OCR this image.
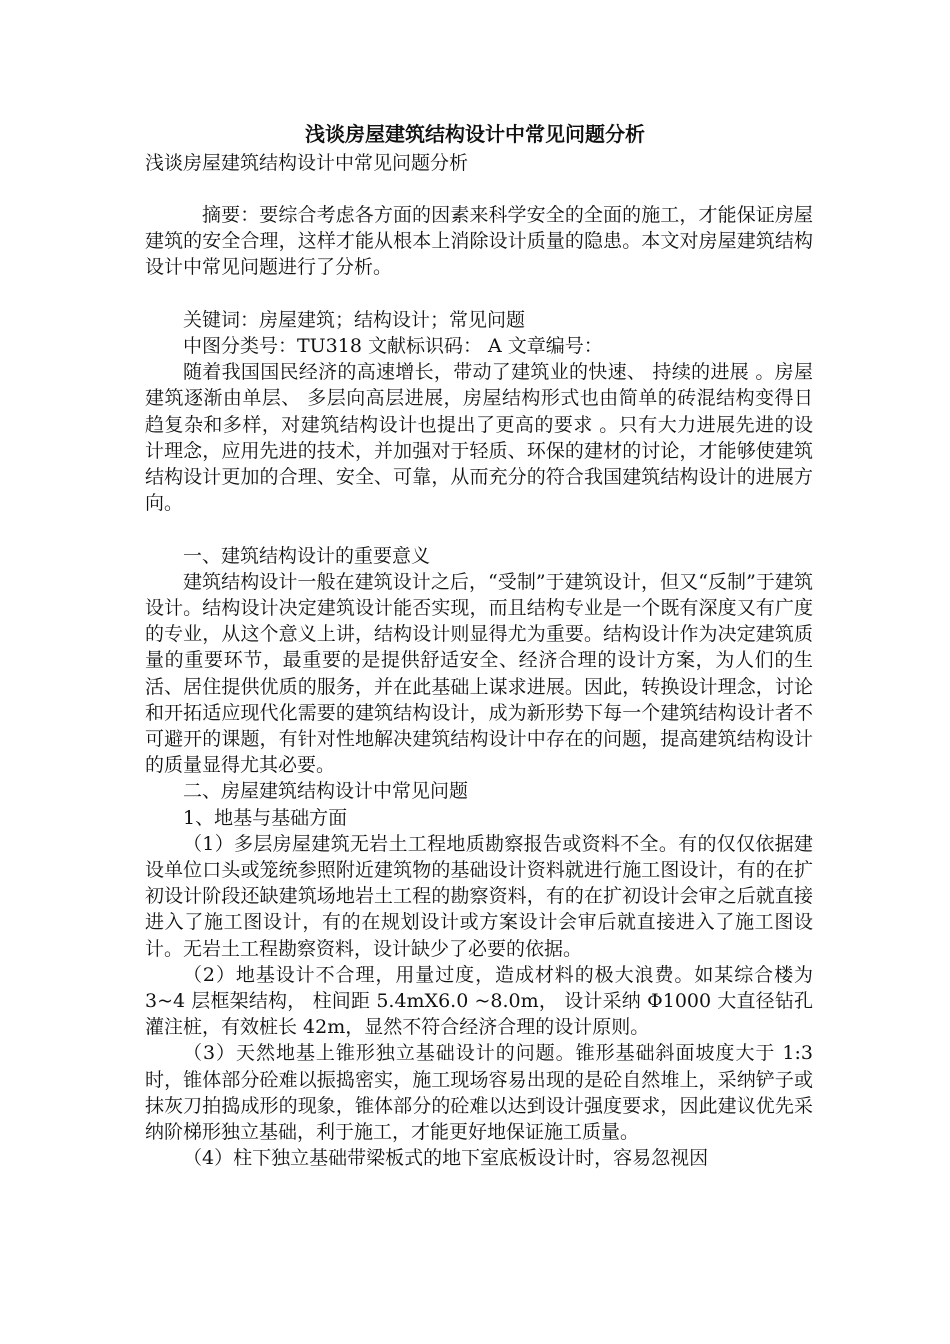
浅谈房屋建筑结构设计中常见问题分析
浅谈房屋建筑结构设计中常见问题分析

摘要：要综合考虑各方面的因素来科学安全的全面的施工，才能保证房屋建筑的安全合理，这样才能从根本上消除设计质量的隐患。本文对房屋建筑结构设计中常见问题进行了分析。

关键词：房屋建筑；结构设计；常见问题

中图分类号：TU318 文献标识码： A 文章编号：

随着我国国民经济的高速增长，带动了建筑业的快速、 持续的进展 。房屋建筑逐渐由单层、 多层向高层进展，房屋结构形式也由简单的砖混结构变得日趋复杂和多样，对建筑结构设计也提出了更高的要求 。只有大力进展先进的设计理念，应用先进的技术，并加强对于轻质、环保的建材的讨论，才能够使建筑结构设计更加的合理、安全、可靠，从而充分的符合我国建筑结构设计的进展方向。

一、建筑结构设计的重要意义

建筑结构设计一般在建筑设计之后，“受制”于建筑设计，但又“反制”于建筑设计。结构设计决定建筑设计能否实现，而且结构专业是一个既有深度又有广度的专业，从这个意义上讲，结构设计则显得尤为重要。结构设计作为决定建筑质量的重要环节，最重要的是提供舒适安全、经济合理的设计方案，为人们的生活、居住提供优质的服务，并在此基础上谋求进展。因此，转换设计理念，讨论和开拓适应现代化需要的建筑结构设计，成为新形势下每一个建筑结构设计者不可避开的课题，有针对性地解决建筑结构设计中存在的问题，提高建筑结构设计的质量显得尤其必要。

二、房屋建筑结构设计中常见问题

1、地基与基础方面

（1）多层房屋建筑无岩土工程地质勘察报告或资料不全。有的仅仅依据建设单位口头或笼统参照附近建筑物的基础设计资料就进行施工图设计，有的在扩初设计阶段还缺建筑场地岩土工程的勘察资料，有的在扩初设计会审之后就直接进入了施工图设计，有的在规划设计或方案设计会审后就直接进入了施工图设计。无岩土工程勘察资料，设计缺少了必要的依据。

（2）地基设计不合理，用量过度，造成材料的极大浪费。如某综合楼为 3~4 层框架结构， 柱间距 5.4mX6.0 ~8.0m， 设计采纳 Φ1000 大直径钻孔灌注桩，有效桩长 42m，显然不符合经济合理的设计原则。

（3）天然地基上锥形独立基础设计的问题。锥形基础斜面坡度大于 1:3 时，锥体部分砼难以振捣密实，施工现场容易出现的是砼自然堆上，采纳铲子或抹灰刀拍捣成形的现象，锥体部分的砼难以达到设计强度要求，因此建议优先采纳阶梯形独立基础，利于施工，才能更好地保证施工质量。

（4）柱下独立基础带梁板式的地下室底板设计时，容易忽视因
